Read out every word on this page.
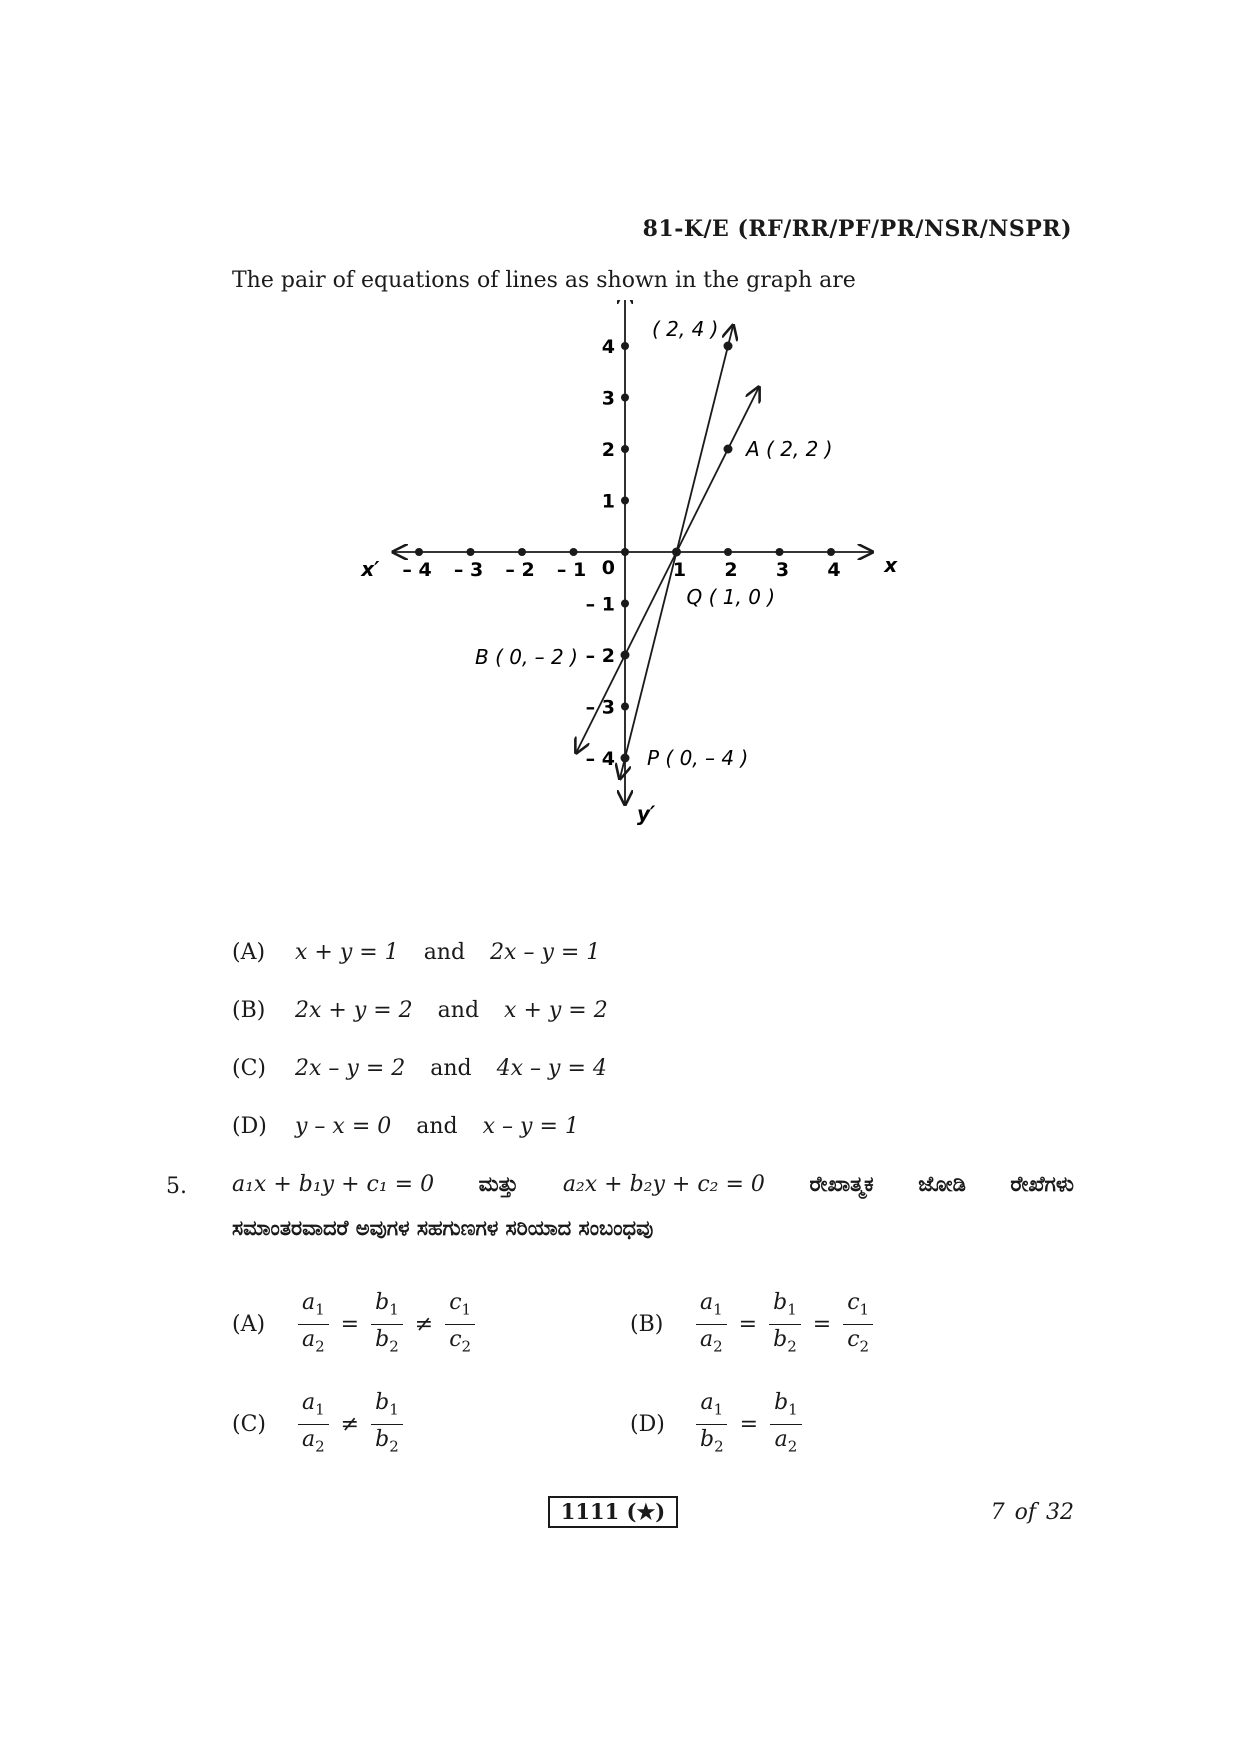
81-K/E (RF/RR/PF/PR/NSR/NSPR)
The pair of equations of lines as shown in the graph are
x
x′
y′
0
– 4 – 3 – 2 – 1	1 2 3 4
4
3
2
1
– 1
– 2
– 3
– 4
( 2, 4 )
A ( 2, 2 )
Q ( 1, 0 )
B ( 0, – 2 )
P ( 0, – 4 )
(A) x + y = 1 and 2x – y = 1
(B) 2x + y = 2 and x + y = 2
(C) 2x – y = 2 and 4x – y = 4
(D) y – x = 0 and x – y = 1
5. a₁x + b₁y + c₁ = 0 ಮತ್ತು a₂x + b₂y + c₂ = 0 ರೇಖಾತ್ಮಕ ಜೋಡಿ ರೇಖೆಗಳು
ಸಮಾಂತರವಾದರೆ ಅವುಗಳ ಸಹಗುಣಗಳ ಸರಿಯಾದ ಸಂಬಂಧವು
(A)	$\frac{a_1}{a_2} = \frac{b_1}{b_2} \ne \frac{c_1}{c_2}$	(B)	$\frac{a_1}{a_2} = \frac{b_1}{b_2} = \frac{c_1}{c_2}$
(C)	$\frac{a_1}{a_2} \ne \frac{b_1}{b_2}$	(D)	$\frac{a_1}{b_2} = \frac{b_1}{a_2}$
1111 (★)	7 of 32
